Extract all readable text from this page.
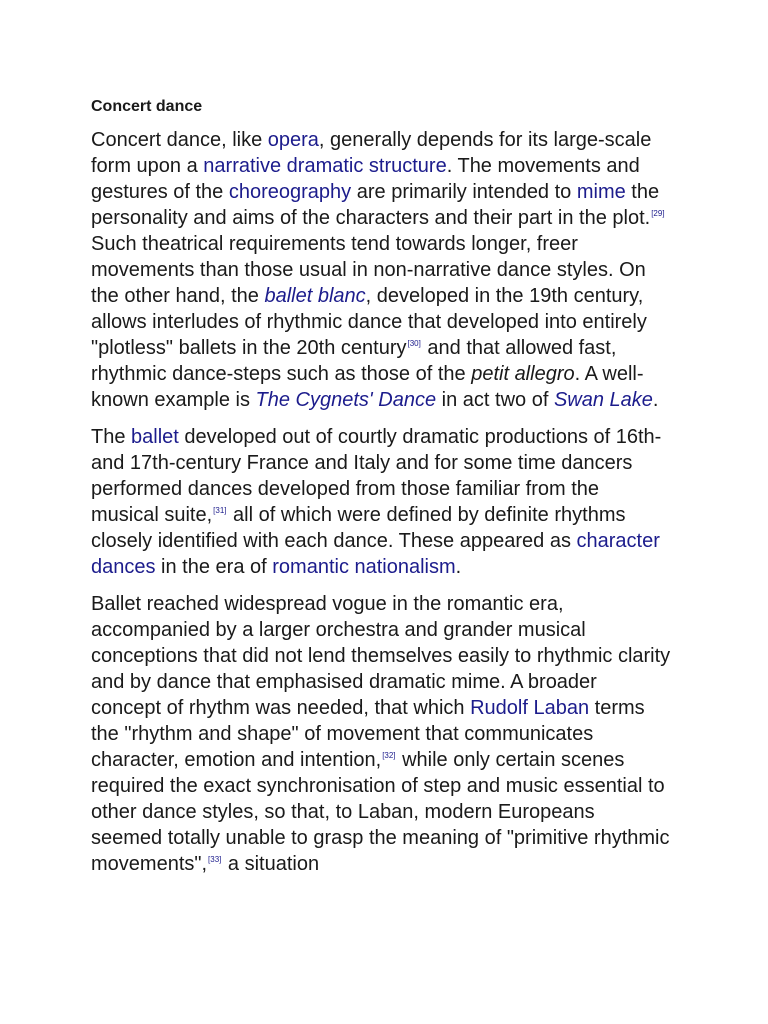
Concert dance

Concert dance, like opera, generally depends for its large-scale form upon a narrative dramatic structure. The movements and gestures of the choreography are primarily intended to mime the personality and aims of the characters and their part in the plot.[29] Such theatrical requirements tend towards longer, freer movements than those usual in non-narrative dance styles. On the other hand, the ballet blanc, developed in the 19th century, allows interludes of rhythmic dance that developed into entirely "plotless" ballets in the 20th century[30] and that allowed fast, rhythmic dance-steps such as those of the petit allegro. A well-known example is The Cygnets' Dance in act two of Swan Lake.

The ballet developed out of courtly dramatic productions of 16th- and 17th-century France and Italy and for some time dancers performed dances developed from those familiar from the musical suite,[31] all of which were defined by definite rhythms closely identified with each dance. These appeared as character dances in the era of romantic nationalism.

Ballet reached widespread vogue in the romantic era, accompanied by a larger orchestra and grander musical conceptions that did not lend themselves easily to rhythmic clarity and by dance that emphasised dramatic mime. A broader concept of rhythm was needed, that which Rudolf Laban terms the "rhythm and shape" of movement that communicates character, emotion and intention,[32] while only certain scenes required the exact synchronisation of step and music essential to other dance styles, so that, to Laban, modern Europeans seemed totally unable to grasp the meaning of "primitive rhythmic movements",[33] a situation
